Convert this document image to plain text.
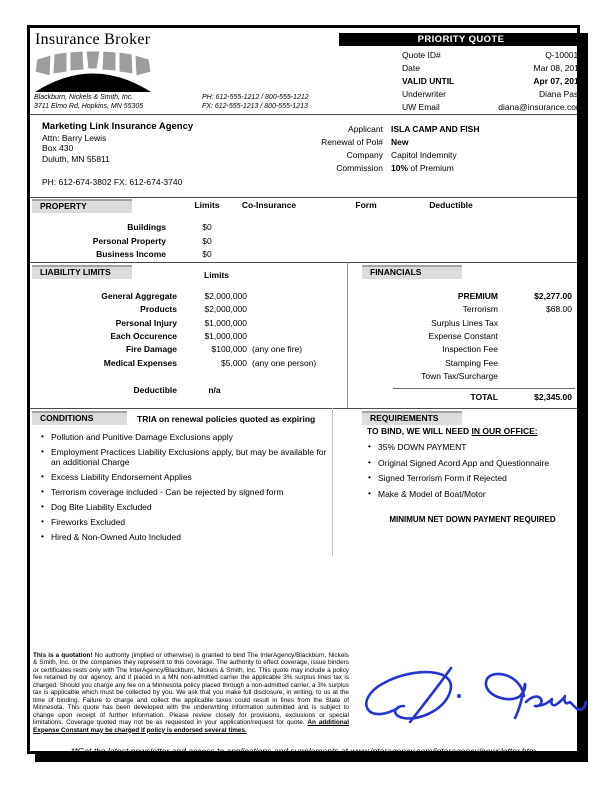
Insurance Broker
Blackburn, Nickels & Smith, Inc.
3711 Elmo Rd, Hopkins, MN 55305
PH: 612-555-1212 / 800-555-1212
FX: 612-555-1213 / 800-555-1213
PRIORITY QUOTE
Quote ID#	Q-100018
Date	Mar 08, 2011
VALID UNTIL	Apr 07, 2011
Underwriter	Diana Pash
UW Email	diana@insurance.com
Marketing Link Insurance Agency
Attn: Barry Lewis
Box 430
Duluth, MN 55811
PH: 612-674-3802 FX: 612-674-3740
Applicant ISLA CAMP AND FISH
Renewal of Pol# New
Company Capitol Indemnity
Commission 10% of Premium
PROPERTY	Limits	Co-Insurance	Form	Deductible
Buildings	$0
Personal Property	$0
Business Income	$0
LIABILITY LIMITS	Limits
General Aggregate	$2,000,000
Products	$2,000,000
Personal Injury	$1,000,000
Each Occurence	$1,000,000
Fire Damage	$100,000 (any one fire)
Medical Expenses	$5,000 (any one person)
Deductible	n/a
FINANCIALS
PREMIUM	$2,277.00
Terrorism	$68.00
Surplus Lines Tax
Expense Constant
Inspection Fee
Stamping Fee
Town Tax/Surcharge
TOTAL	$2,345.00
CONDITIONS	TRIA on renewal policies quoted as expiring
• Pollution and Punitive Damage Exclusions apply
• Employment Practices Liability Exclusions apply, but may be available for an additional Charge
• Excess Liability Endorsement Applies
• Terrorism coverage included - Can be rejected by signed form
• Dog Bite Liability Excluded
• Fireworks Excluded
• Hired & Non-Owned Auto Included
REQUIREMENTS
TO BIND, WE WILL NEED IN OUR OFFICE:
• 35% DOWN PAYMENT
• Original Signed Acord App and Questionnaire
• Signed Terrorism Form if Rejected
• Make & Model of Boat/Motor
MINIMUM NET DOWN PAYMENT REQUIRED
This is a quotation! No authority (implied or otherwise) is granted to bind The InterAgency/Blackburn, Nickels & Smith, Inc. or the companies they represent to this coverage. The authority to effect coverage, issue binders or certificates rests only with The InterAgency/Blackburn, Nickels & Smith, Inc. This quote may include a policy fee retained by our agency, and if placed in a MN non-admitted carrier the applicable 3% surplus lines tax is charged. Should you charge any fee on a Minnesota policy placed through a non-admitted carrier, a 3% surplus tax is applicable which must be collected by you. We ask that you make full disclosure, in writing, to us at the time of binding. Failure to charge and collect the applicable taxes could result in fines from the State of Minnesota. This quote has been developed with the underwriting information submitted and is subject to change upon receipt of further information. Please review closely for provisions, exclusions or special limitations. Coverage quoted may not be as requested in your application/request for quote. An additional Expense Constant may be charged if policy is endorsed several times.
**Get the latest newsletter and access to applications and supplements at www.interagency.com/interagency/newsletter.htm
